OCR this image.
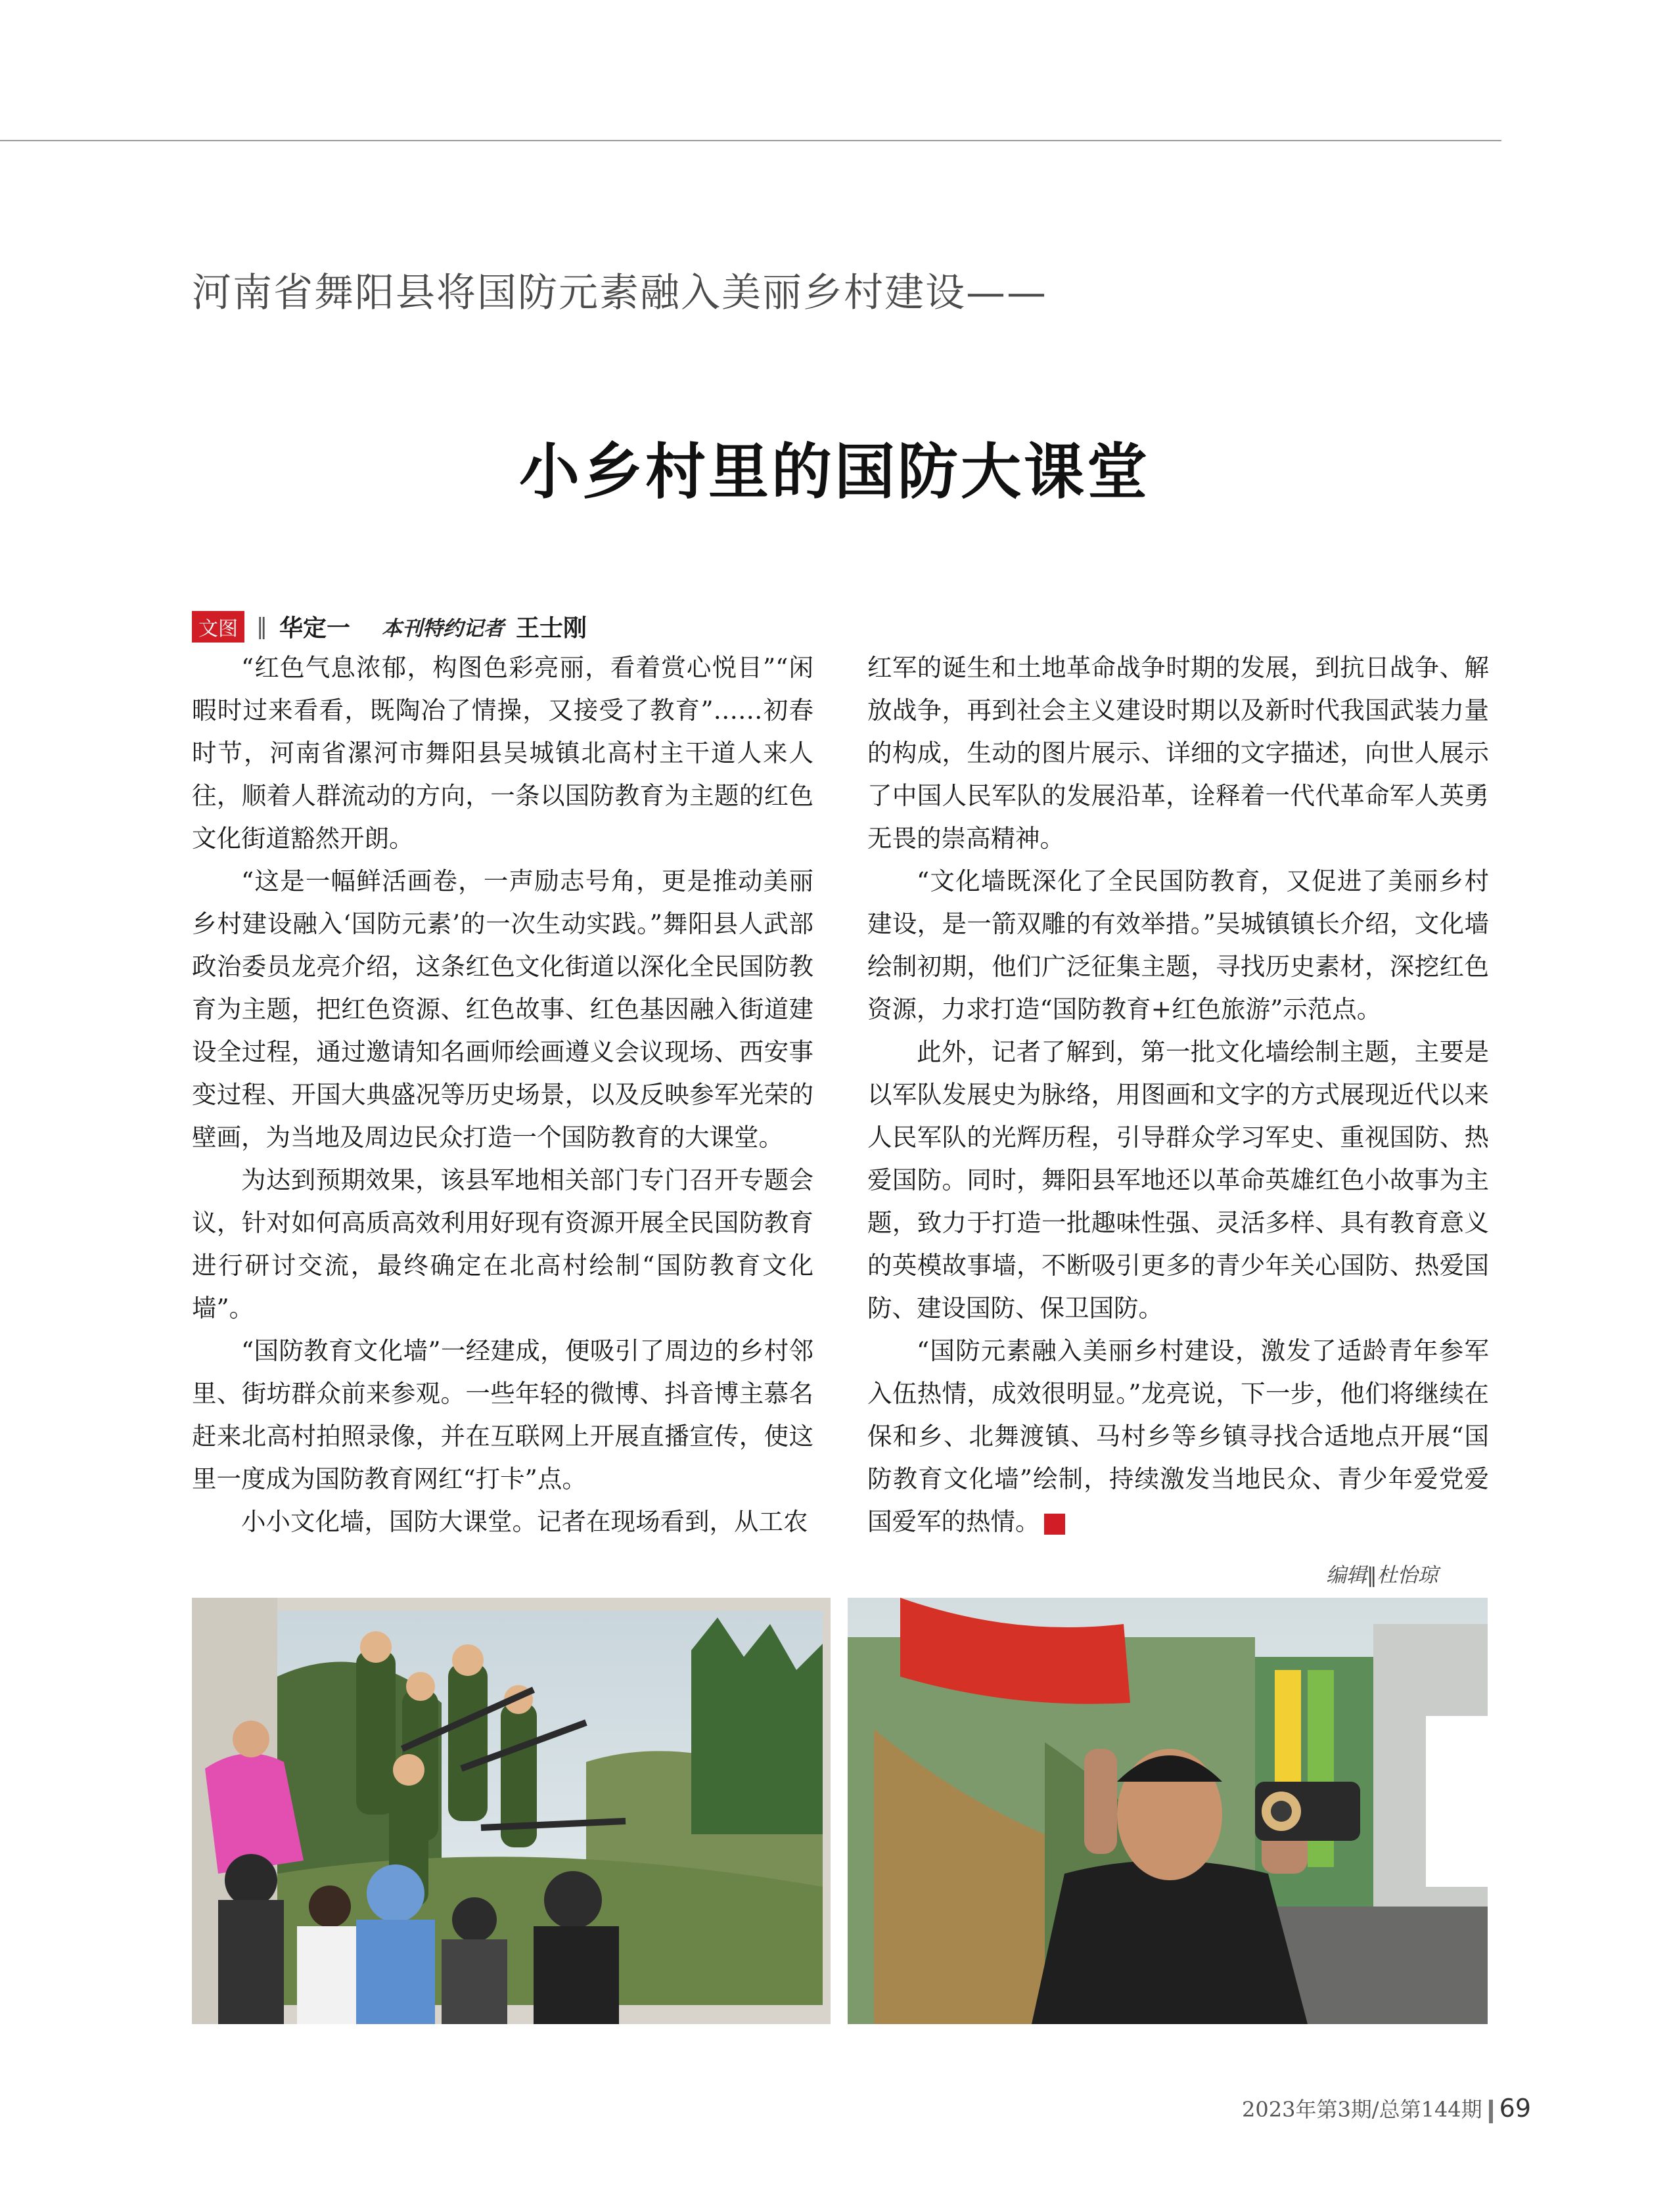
河南省舞阳县将国防元素融入美丽乡村建设——
小乡村里的国防大课堂
文图 ‖ 华定一 本刊特约记者 王士刚

“红色气息浓郁，构图色彩亮丽，看着赏心悦目”“闲暇时过来看看，既陶冶了情操，又接受了教育”……初春时节，河南省漯河市舞阳县吴城镇北高村主干道人来人往，顺着人群流动的方向，一条以国防教育为主题的红色文化街道豁然开朗。

“这是一幅鲜活画卷，一声励志号角，更是推动美丽乡村建设融入‘国防元素’的一次生动实践。”舞阳县人武部政治委员龙亮介绍，这条红色文化街道以深化全民国防教育为主题，把红色资源、红色故事、红色基因融入街道建设全过程，通过邀请知名画师绘画遵义会议现场、西安事变过程、开国大典盛况等历史场景，以及反映参军光荣的壁画，为当地及周边民众打造一个国防教育的大课堂。

为达到预期效果，该县军地相关部门专门召开专题会议，针对如何高质高效利用好现有资源开展全民国防教育进行研讨交流，最终确定在北高村绘制“国防教育文化墙”。

“国防教育文化墙”一经建成，便吸引了周边的乡村邻里、街坊群众前来参观。一些年轻的微博、抖音博主慕名赶来北高村拍照录像，并在互联网上开展直播宣传，使这里一度成为国防教育网红“打卡”点。

小小文化墙，国防大课堂。记者在现场看到，从工农

红军的诞生和土地革命战争时期的发展，到抗日战争、解放战争，再到社会主义建设时期以及新时代我国武装力量的构成，生动的图片展示、详细的文字描述，向世人展示了中国人民军队的发展沿革，诠释着一代代革命军人英勇无畏的崇高精神。

“文化墙既深化了全民国防教育，又促进了美丽乡村建设，是一箭双雕的有效举措。”吴城镇镇长介绍，文化墙绘制初期，他们广泛征集主题，寻找历史素材，深挖红色资源，力求打造“国防教育+红色旅游”示范点。

此外，记者了解到，第一批文化墙绘制主题，主要是以军队发展史为脉络，用图画和文字的方式展现近代以来人民军队的光辉历程，引导群众学习军史、重视国防、热爱国防。同时，舞阳县军地还以革命英雄红色小故事为主题，致力于打造一批趣味性强、灵活多样、具有教育意义的英模故事墙，不断吸引更多的青少年关心国防、热爱国防、建设国防、保卫国防。

“国防元素融入美丽乡村建设，激发了适龄青年参军入伍热情，成效很明显。”龙亮说，下一步，他们将继续在保和乡、北舞渡镇、马村乡等乡镇寻找合适地点开展“国防教育文化墙”绘制，持续激发当地民众、青少年爱党爱国爱军的热情。	G

编辑‖杜怡琼
2023年第3期/总第144期 69
